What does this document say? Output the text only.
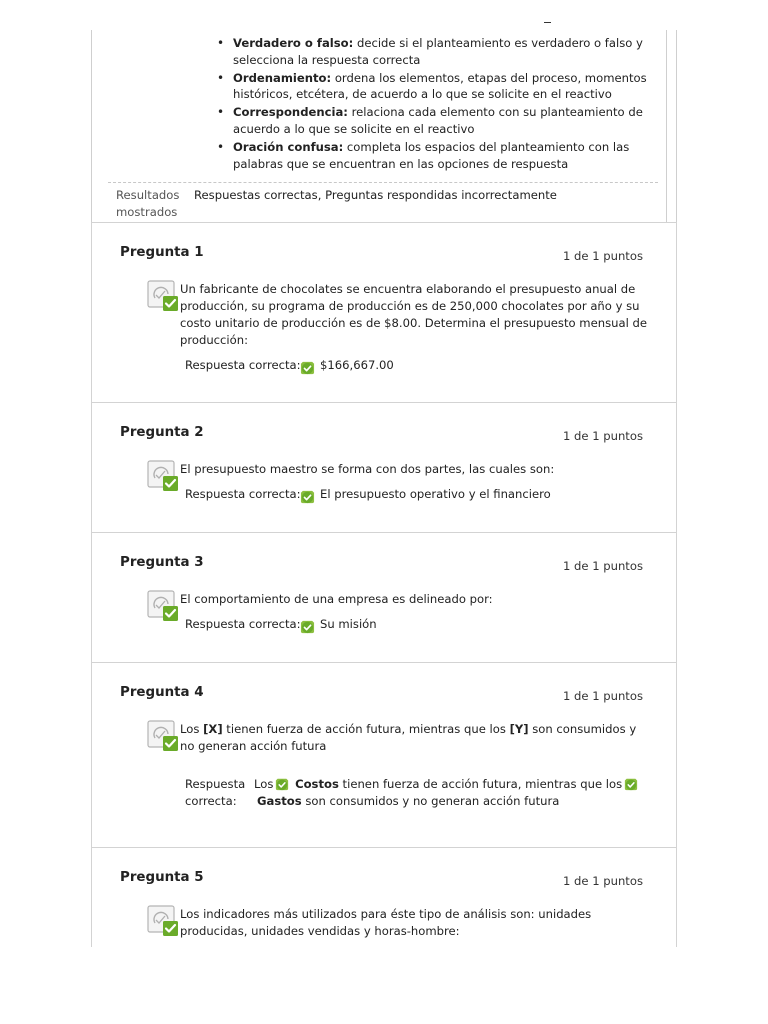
• Verdadero o falso: decide si el planteamiento es verdadero o falso y selecciona la respuesta correcta
• Ordenamiento: ordena los elementos, etapas del proceso, momentos históricos, etcétera, de acuerdo a lo que se solicite en el reactivo
• Correspondencia: relaciona cada elemento con su planteamiento de acuerdo a lo que se solicite en el reactivo
• Oración confusa: completa los espacios del planteamiento con las palabras que se encuentran en las opciones de respuesta
Resultados
mostrados
Respuestas correctas, Preguntas respondidas incorrectamente
Pregunta 1	1 de 1 puntos
Un fabricante de chocolates se encuentra elaborando el presupuesto anual de producción, su programa de producción es de 250,000 chocolates por año y su costo unitario de producción es de $8.00. Determina el presupuesto mensual de producción:
Respuesta correcta: $166,667.00
Pregunta 2	1 de 1 puntos
El presupuesto maestro se forma con dos partes, las cuales son:
Respuesta correcta: El presupuesto operativo y el financiero
Pregunta 3	1 de 1 puntos
El comportamiento de una empresa es delineado por:
Respuesta correcta: Su misión
Pregunta 4	1 de 1 puntos
Los [X] tienen fuerza de acción futura, mientras que los [Y] son consumidos y no generan acción futura
Respuesta
correcta:
Los Costos tienen fuerza de acción futura, mientras que los
Gastos son consumidos y no generan acción futura
Pregunta 5	1 de 1 puntos
Los indicadores más utilizados para éste tipo de análisis son: unidades producidas, unidades vendidas y horas-hombre:
